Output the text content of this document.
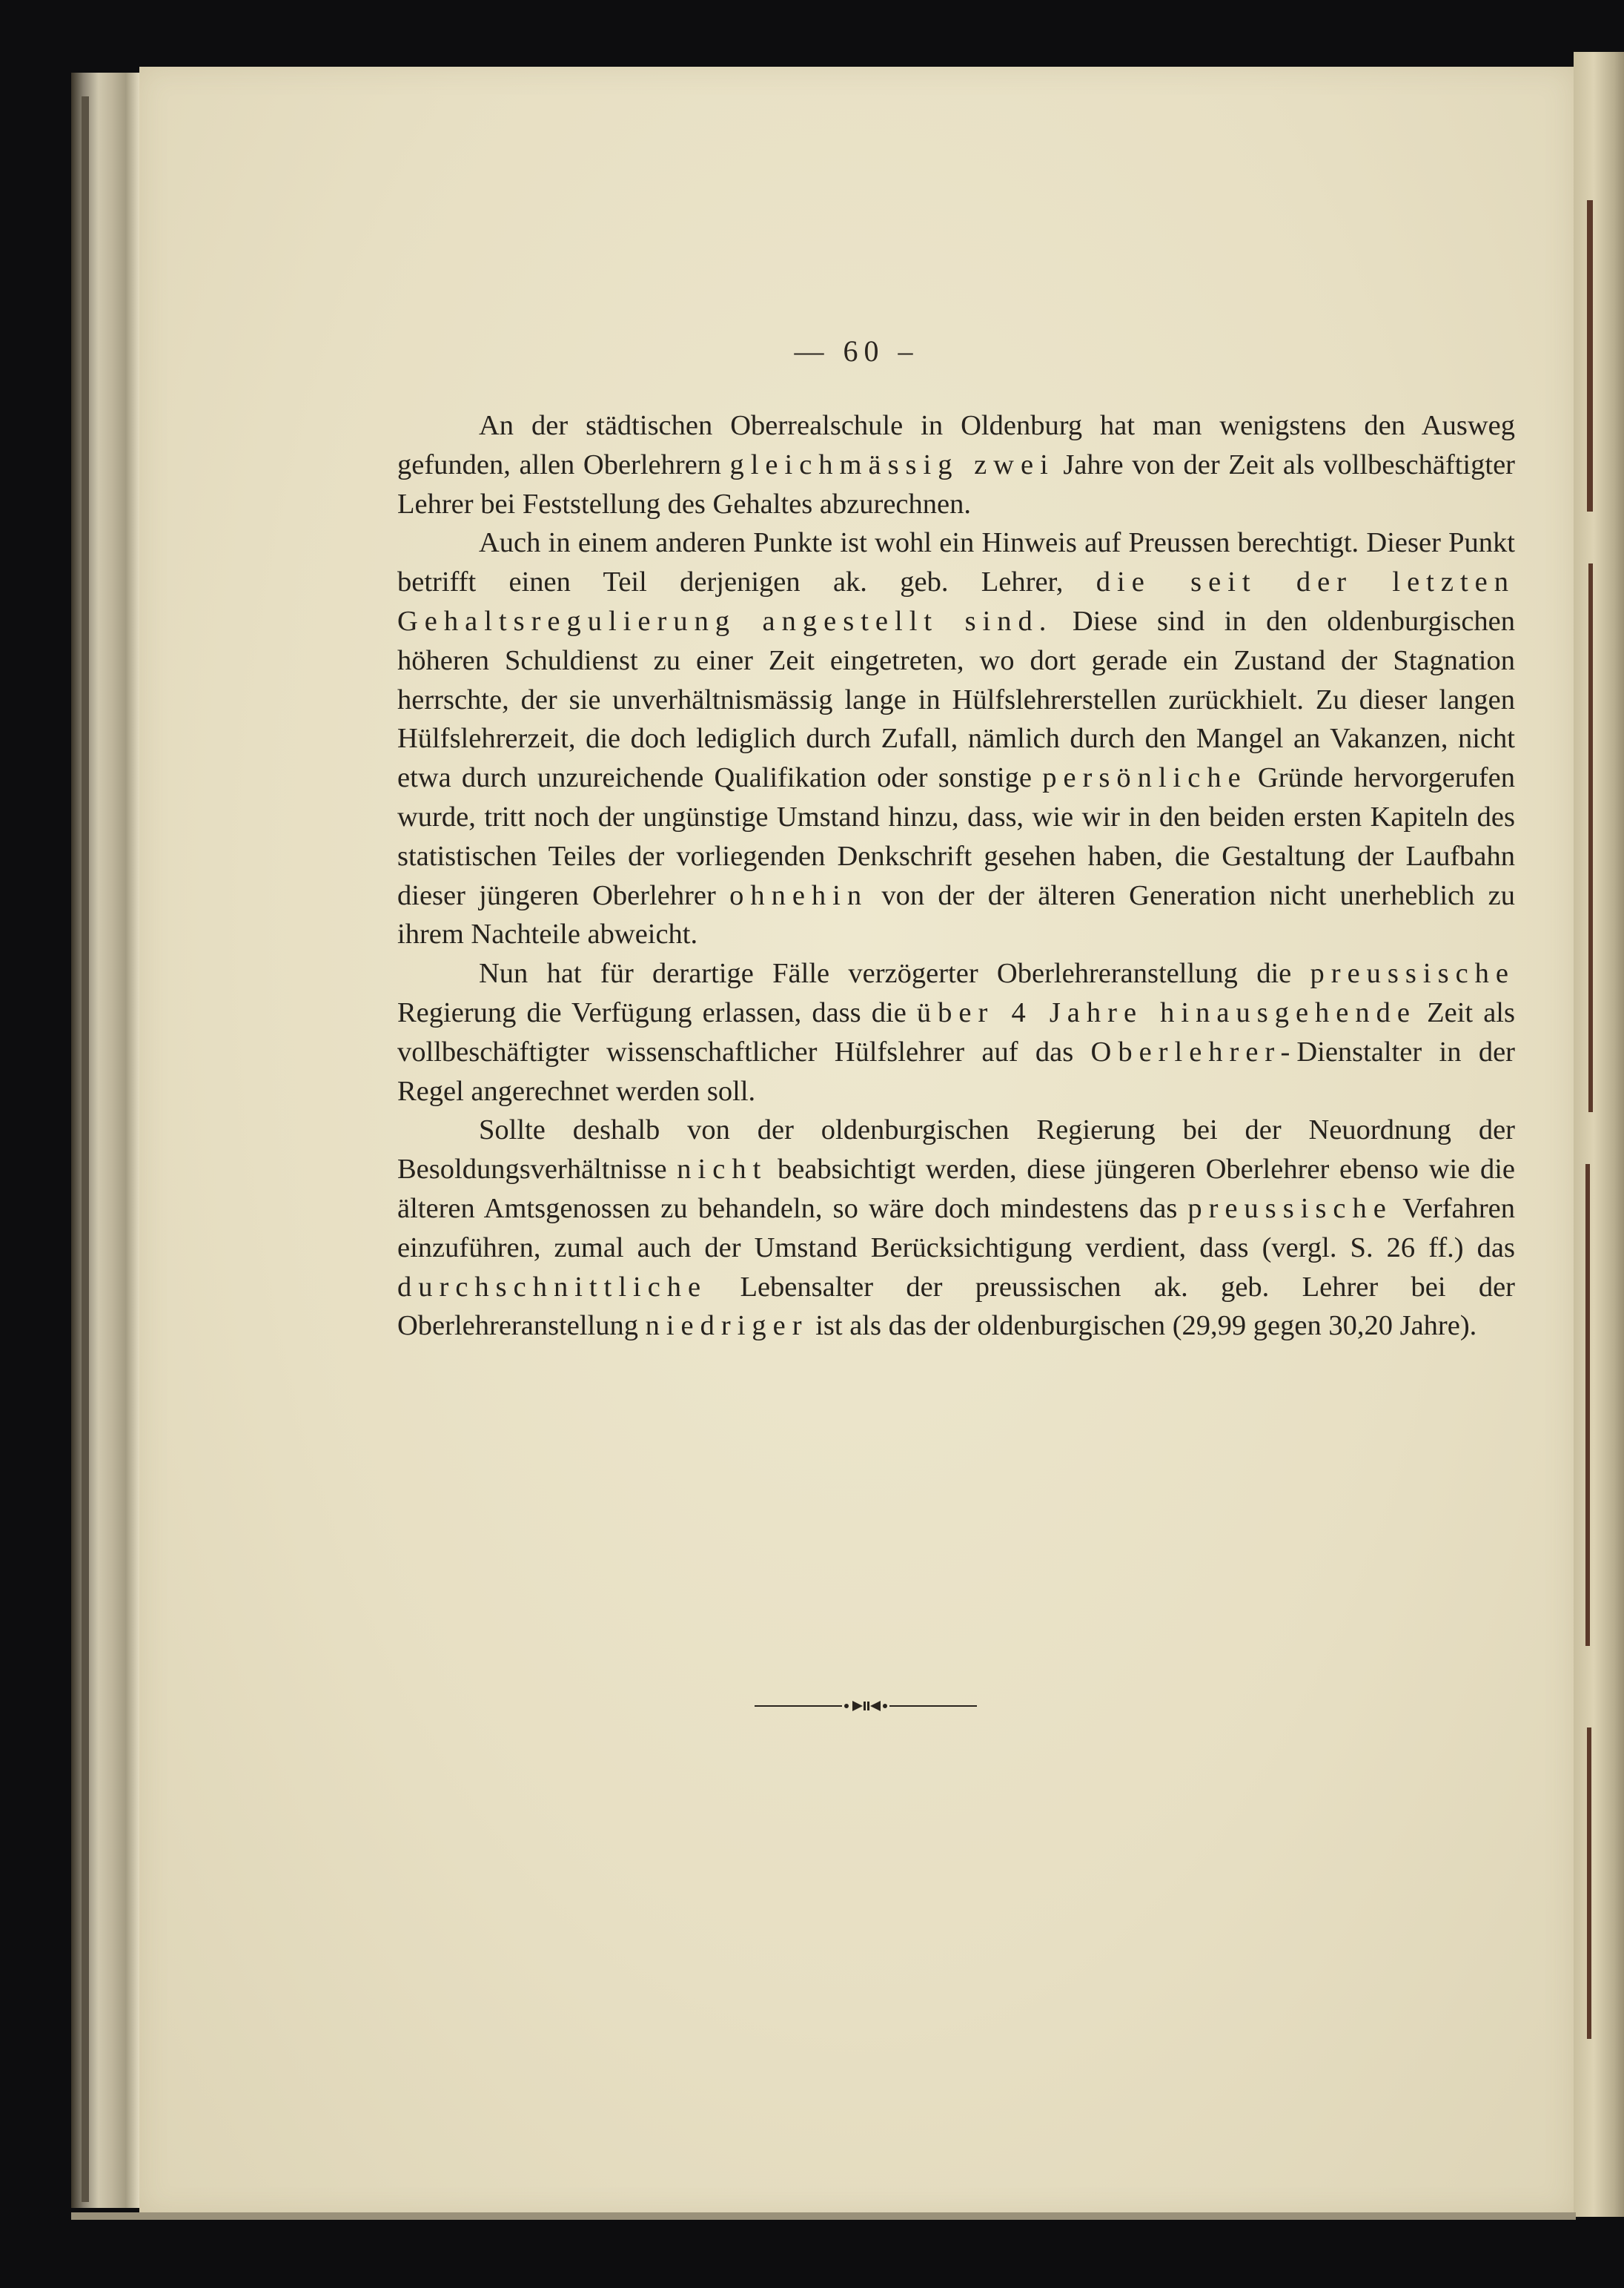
— 60 –

An der städtischen Oberrealschule in Oldenburg hat man wenigstens den Ausweg gefunden, allen Oberlehrern gleichmässig zwei Jahre von der Zeit als vollbeschäftigter Lehrer bei Feststellung des Gehaltes abzurechnen.

Auch in einem anderen Punkte ist wohl ein Hinweis auf Preussen berechtigt. Dieser Punkt betrifft einen Teil derjenigen ak. geb. Lehrer, die seit der letzten Gehaltsregulierung angestellt sind. Diese sind in den oldenburgischen höheren Schuldienst zu einer Zeit eingetreten, wo dort gerade ein Zustand der Stagnation herrschte, der sie unverhältnismässig lange in Hülfslehrerstellen zurückhielt. Zu dieser langen Hülfslehrerzeit, die doch lediglich durch Zufall, nämlich durch den Mangel an Vakanzen, nicht etwa durch unzureichende Qualifikation oder sonstige persönliche Gründe hervorgerufen wurde, tritt noch der ungünstige Umstand hinzu, dass, wie wir in den beiden ersten Kapiteln des statistischen Teiles der vorliegenden Denkschrift gesehen haben, die Gestaltung der Laufbahn dieser jüngeren Oberlehrer ohnehin von der der älteren Generation nicht unerheblich zu ihrem Nachteile abweicht.

Nun hat für derartige Fälle verzögerter Oberlehreranstellung die preussische Regierung die Verfügung erlassen, dass die über 4 Jahre hinausgehende Zeit als vollbeschäftigter wissenschaftlicher Hülfslehrer auf das Oberlehrer-Dienstalter in der Regel angerechnet werden soll.

Sollte deshalb von der oldenburgischen Regierung bei der Neuordnung der Besoldungsverhältnisse nicht beabsichtigt werden, diese jüngeren Oberlehrer ebenso wie die älteren Amtsgenossen zu behandeln, so wäre doch mindestens das preussische Verfahren einzuführen, zumal auch der Umstand Berücksichtigung verdient, dass (vergl. S. 26 ff.) das durchschnittliche Lebensalter der preussischen ak. geb. Lehrer bei der Oberlehreranstellung niedriger ist als das der oldenburgischen (29,99 gegen 30,20 Jahre).
